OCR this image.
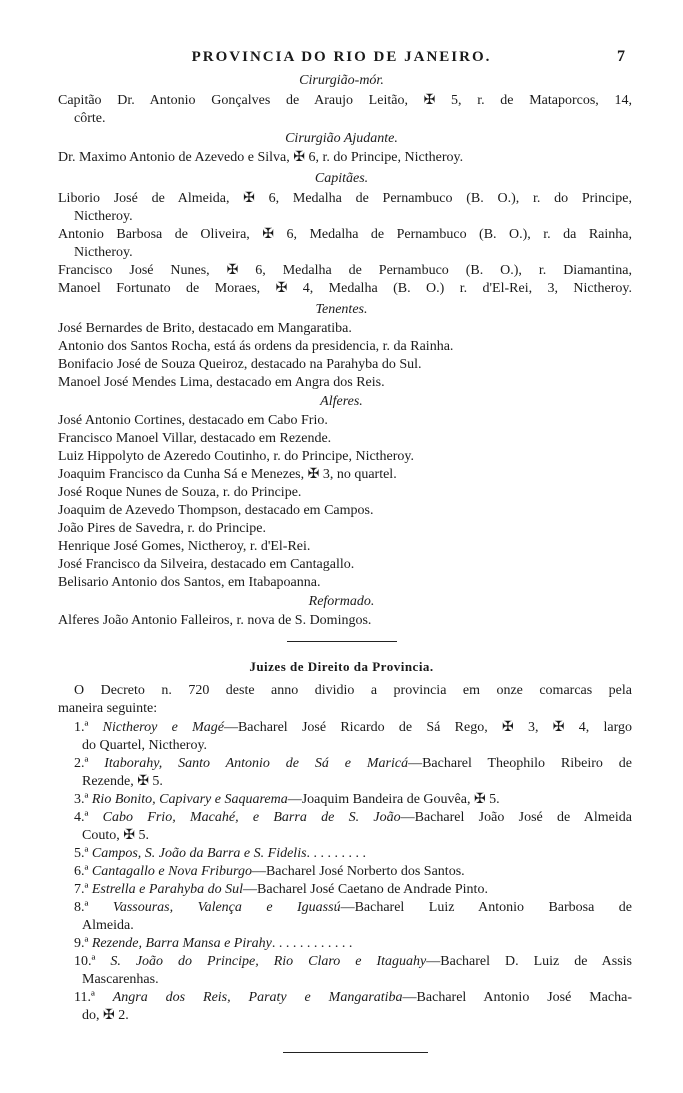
PROVINCIA DO RIO DE JANEIRO.	7
Cirurgião-mór.
Capitão Dr. Antonio Gonçalves de Araujo Leitão, ✠ 5, r. de Mataporcos, 14,
côrte.
Cirurgião Ajudante.
Dr. Maximo Antonio de Azevedo e Silva, ✠ 6, r. do Principe, Nictheroy.
Capitães.
Liborio José de Almeida, ✠ 6, Medalha de Pernambuco (B. O.), r. do Principe,
Nictheroy.
Antonio Barbosa de Oliveira, ✠ 6, Medalha de Pernambuco (B. O.), r. da Rainha,
Nictheroy.
Francisco José Nunes, ✠ 6, Medalha de Pernambuco (B. O.), r. Diamantina,
Manoel Fortunato de Moraes, ✠ 4, Medalha (B. O.) r. d'El-Rei, 3, Nictheroy.
Tenentes.
José Bernardes de Brito, destacado em Mangaratiba.
Antonio dos Santos Rocha, está ás ordens da presidencia, r. da Rainha.
Bonifacio José de Souza Queiroz, destacado na Parahyba do Sul.
Manoel José Mendes Lima, destacado em Angra dos Reis.
Alferes.
José Antonio Cortines, destacado em Cabo Frio.
Francisco Manoel Villar, destacado em Rezende.
Luiz Hippolyto de Azeredo Coutinho, r. do Principe, Nictheroy.
Joaquim Francisco da Cunha Sá e Menezes, ✠ 3, no quartel.
José Roque Nunes de Souza, r. do Principe.
Joaquim de Azevedo Thompson, destacado em Campos.
João Pires de Savedra, r. do Principe.
Henrique José Gomes, Nictheroy, r. d'El-Rei.
José Francisco da Silveira, destacado em Cantagallo.
Belisario Antonio dos Santos, em Itabapoanna.
Reformado.
Alferes João Antonio Falleiros, r. nova de S. Domingos.
Juizes de Direito da Provincia.
O Decreto n. 720 deste anno dividio a provincia em onze comarcas pela
maneira seguinte:
1.ª Nictheroy e Magé—Bacharel José Ricardo de Sá Rego, ✠ 3, ✠ 4, largo
do Quartel, Nictheroy.
2.ª Itaborahy, Santo Antonio de Sá e Maricá—Bacharel Theophilo Ribeiro de
Rezende, ✠ 5.
3.ª Rio Bonito, Capivary e Saquarema—Joaquim Bandeira de Gouvêa, ✠ 5.
4.ª Cabo Frio, Macahé, e Barra de S. João—Bacharel João José de Almeida
Couto, ✠ 5.
5.ª Campos, S. João da Barra e S. Fidelis. . . . . . . . .
6.ª Cantagallo e Nova Friburgo—Bacharel José Norberto dos Santos.
7.ª Estrella e Parahyba do Sul—Bacharel José Caetano de Andrade Pinto.
8.ª Vassouras, Valença e Iguassú—Bacharel Luiz Antonio Barbosa de
Almeida.
9.ª Rezende, Barra Mansa e Pirahy. . . . . . . . . . . .
10.ª S. João do Principe, Rio Claro e Itaguahy—Bacharel D. Luiz de Assis
Mascarenhas.
11.ª Angra dos Reis, Paraty e Mangaratiba—Bacharel Antonio José Macha-
do, ✠ 2.
